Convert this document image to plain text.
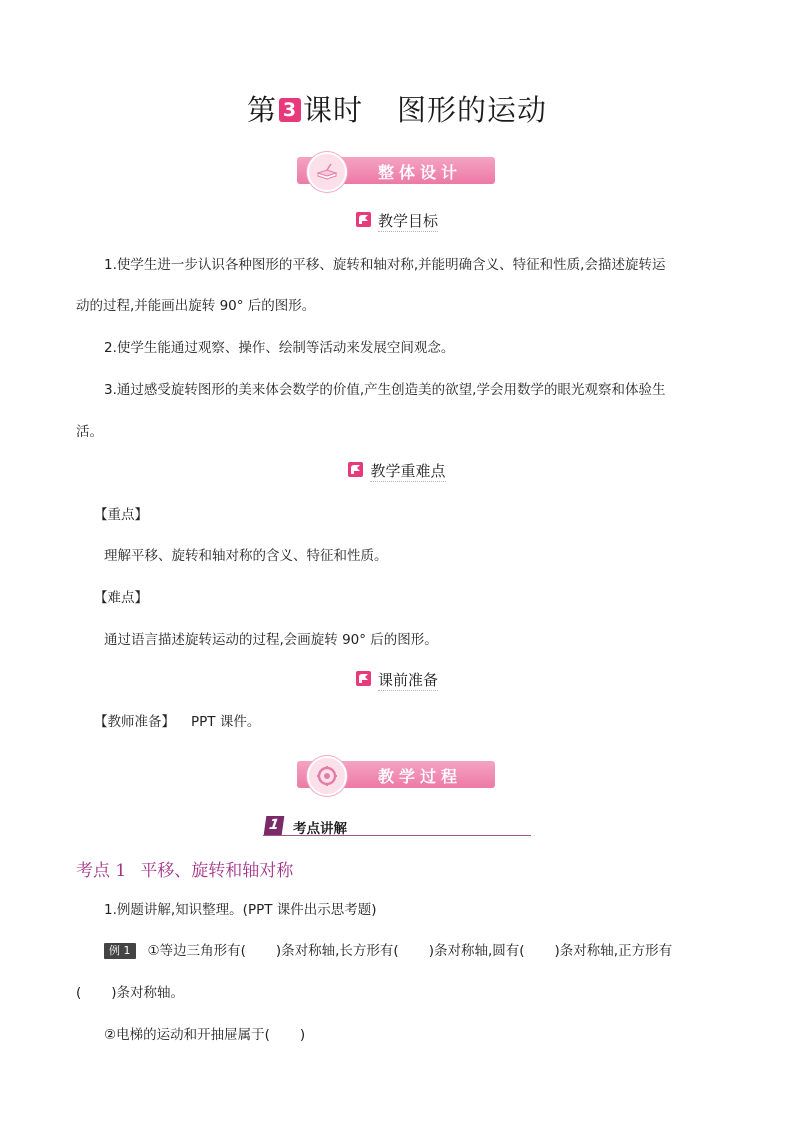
第 3 课时 图形的运动
整体设计
教学目标
1.使学生进一步认识各种图形的平移、旋转和轴对称,并能明确含义、特征和性质,会描述旋转运
动的过程,并能画出旋转 90° 后的图形。
2.使学生能通过观察、操作、绘制等活动来发展空间观念。
3.通过感受旋转图形的美来体会数学的价值,产生创造美的欲望,学会用数学的眼光观察和体验生
活。
教学重难点
【重点】
理解平移、旋转和轴对称的含义、特征和性质。
【难点】
通过语言描述旋转运动的过程,会画旋转 90° 后的图形。
课前准备
【教师准备】 PPT 课件。
教学过程
1 考点讲解
考点 1 平移、旋转和轴对称
1.例题讲解,知识整理。(PPT 课件出示思考题)
例 1 ①等边三角形有( )条对称轴,长方形有( )条对称轴,圆有( )条对称轴,正方形有
( )条对称轴。
②电梯的运动和开抽屉属于( )
